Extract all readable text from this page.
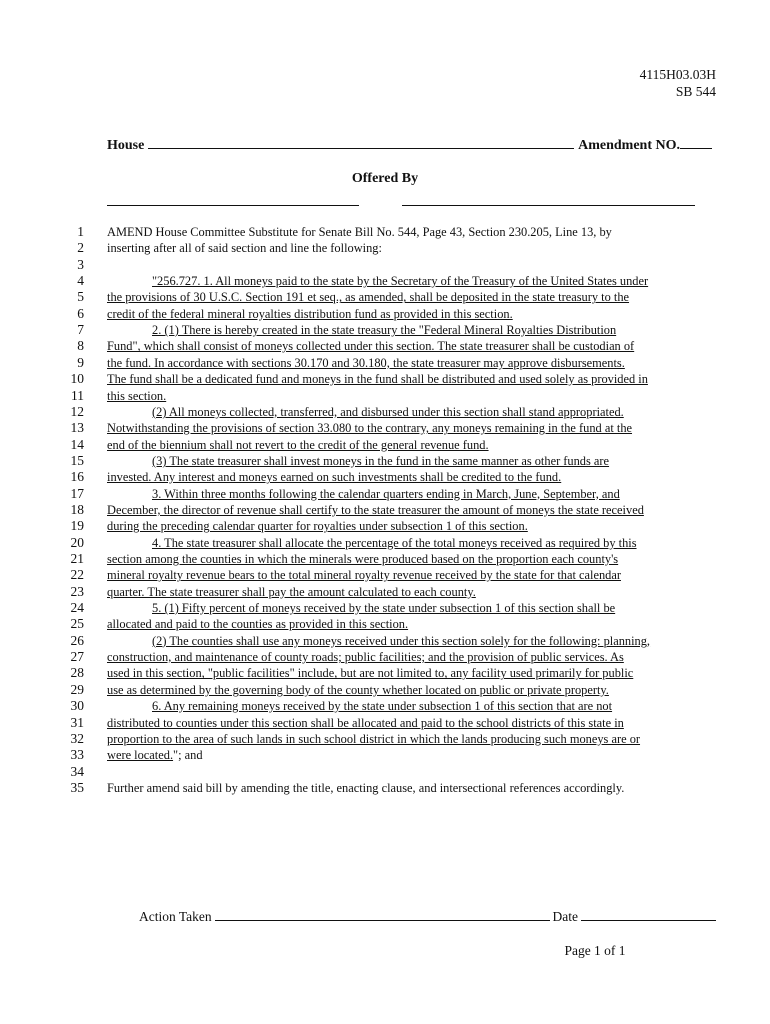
4115H03.03H
SB 544
House	Amendment NO.
Offered By
1 AMEND House Committee Substitute for Senate Bill No. 544, Page 43, Section 230.205, Line 13, by
2 inserting after all of said section and line the following:
3
4	"256.727. 1. All moneys paid to the state by the Secretary of the Treasury of the United States under
5 the provisions of 30 U.S.C. Section 191 et seq., as amended, shall be deposited in the state treasury to the
6 credit of the federal mineral royalties distribution fund as provided in this section.
7	2. (1) There is hereby created in the state treasury the "Federal Mineral Royalties Distribution
8 Fund", which shall consist of moneys collected under this section. The state treasurer shall be custodian of
9 the fund. In accordance with sections 30.170 and 30.180, the state treasurer may approve disbursements.
10 The fund shall be a dedicated fund and moneys in the fund shall be distributed and used solely as provided in
11 this section.
12	(2) All moneys collected, transferred, and disbursed under this section shall stand appropriated.
13 Notwithstanding the provisions of section 33.080 to the contrary, any moneys remaining in the fund at the
14 end of the biennium shall not revert to the credit of the general revenue fund.
15	(3) The state treasurer shall invest moneys in the fund in the same manner as other funds are
16 invested. Any interest and moneys earned on such investments shall be credited to the fund.
17	3. Within three months following the calendar quarters ending in March, June, September, and
18 December, the director of revenue shall certify to the state treasurer the amount of moneys the state received
19 during the preceding calendar quarter for royalties under subsection 1 of this section.
20	4. The state treasurer shall allocate the percentage of the total moneys received as required by this
21 section among the counties in which the minerals were produced based on the proportion each county's
22 mineral royalty revenue bears to the total mineral royalty revenue received by the state for that calendar
23 quarter. The state treasurer shall pay the amount calculated to each county.
24	5. (1) Fifty percent of moneys received by the state under subsection 1 of this section shall be
25 allocated and paid to the counties as provided in this section.
26	(2) The counties shall use any moneys received under this section solely for the following: planning,
27 construction, and maintenance of county roads; public facilities; and the provision of public services. As
28 used in this section, "public facilities" include, but are not limited to, any facility used primarily for public
29 use as determined by the governing body of the county whether located on public or private property.
30	6. Any remaining moneys received by the state under subsection 1 of this section that are not
31 distributed to counties under this section shall be allocated and paid to the school districts of this state in
32 proportion to the area of such lands in such school district in which the lands producing such moneys are or
33 were located."; and
34
35 Further amend said bill by amending the title, enacting clause, and intersectional references accordingly.
Action Taken	Date
Page 1 of 1
